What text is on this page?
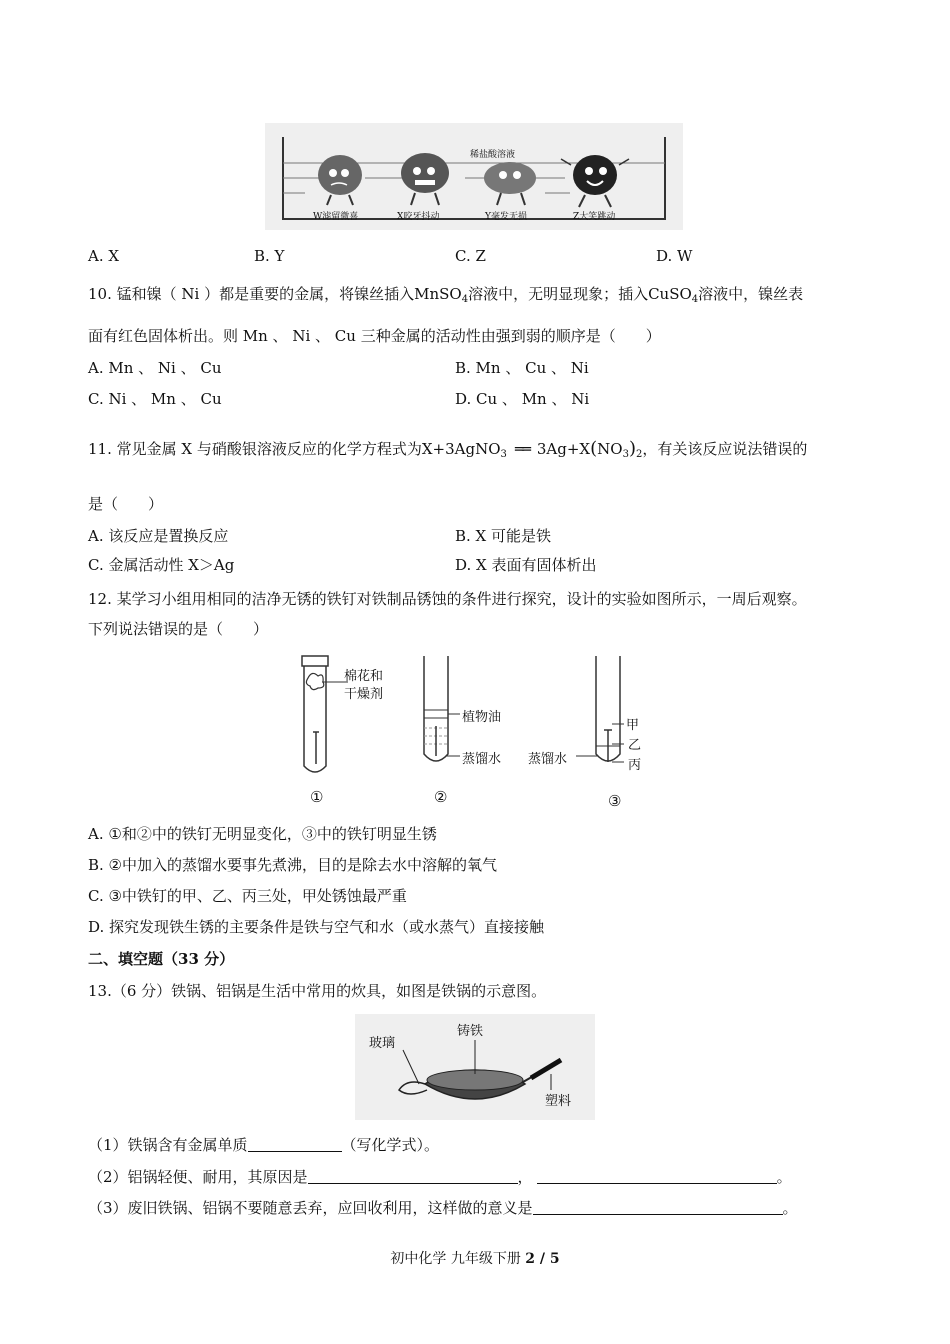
稀盐酸溶液
W滤留微喜	X咬牙抖动	Y毫发无损	Z大笑跳动
A. X	B. Y	C. Z	D. W
10. 锰和镍（ Ni ）都是重要的金属，将镍丝插入MnSO$_4$溶液中，无明显现象；插入CuSO$_4$溶液中，镍丝表
面有红色固体析出。则 Mn 、 Ni 、 Cu 三种金属的活动性由强到弱的顺序是（　　）
A. Mn 、 Ni 、 Cu	B. Mn 、 Cu 、 Ni
C. Ni 、 Mn 、 Cu	D. Cu 、 Mn 、 Ni
11. 常见金属 X 与硝酸银溶液反应的化学方程式为X+3AgNO$_3$ ══ $3Ag+X(NO_3)_2$，有关该反应说法错误的
是（　　）
A. 该反应是置换反应	B. X 可能是铁
C. 金属活动性 X＞Ag	D. X 表面有固体析出
12. 某学习小组用相同的洁净无锈的铁钉对铁制品锈蚀的条件进行探究，设计的实验如图所示，一周后观察。
下列说法错误的是（　　）
棉花和
干燥剂
植物油
蒸馏水 蒸馏水
甲
乙
丙
①	②	③
A. ①和②中的铁钉无明显变化，③中的铁钉明显生锈
B. ②中加入的蒸馏水要事先煮沸，目的是除去水中溶解的氧气
C. ③中铁钉的甲、乙、丙三处，甲处锈蚀最严重
D. 探究发现铁生锈的主要条件是铁与空气和水（或水蒸气）直接接触
二、填空题（33 分）
13.（6 分）铁锅、铝锅是生活中常用的炊具，如图是铁锅的示意图。
玻璃
铸铁
塑料
（1）铁锅含有金属单质	（写化学式）。
（2）铝锅轻便、耐用，其原因是	，	。
（3）废旧铁锅、铝锅不要随意丢弃，应回收利用，这样做的意义是	。
初中化学 九年级下册 2 / 5
